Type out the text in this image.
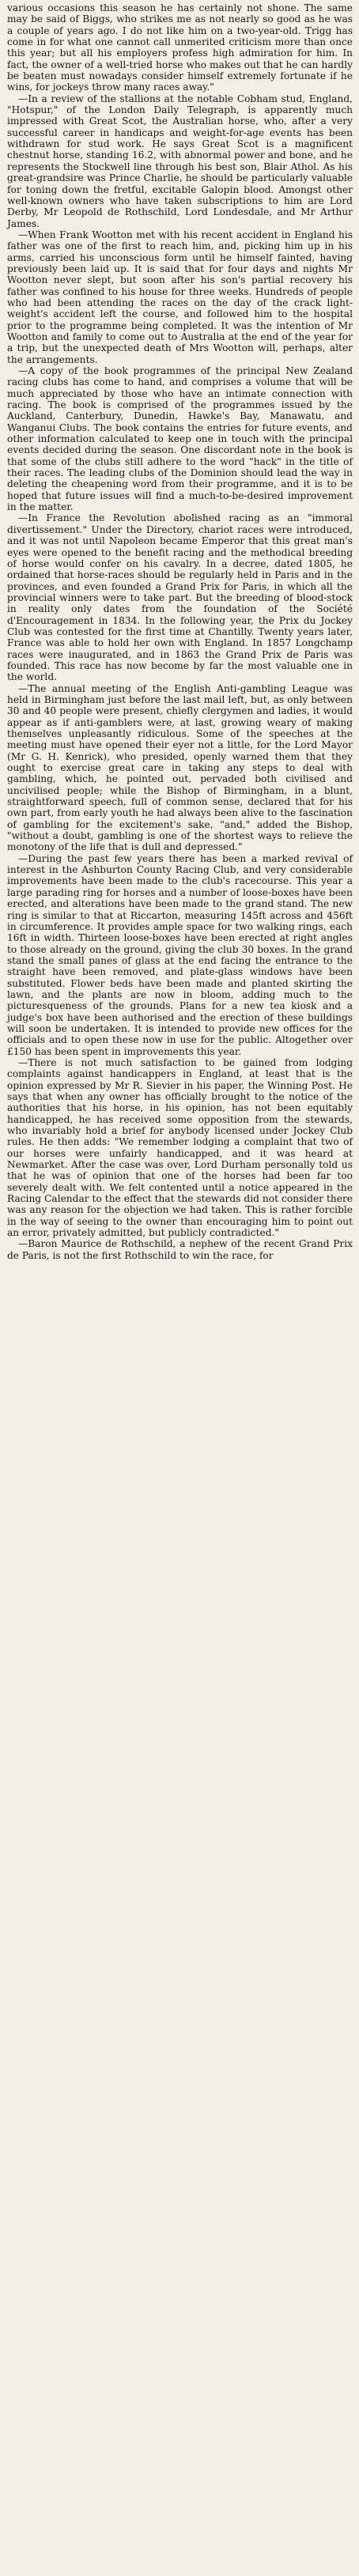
various occasions this season he has certainly not shone. The same may be said of Biggs, who strikes me as not nearly so good as he was a couple of years ago. I do not like him on a two-year-old. Trigg has come in for what one cannot call unmerited criticism more than once this year; but all his employers profess high admiration for him. In fact, the owner of a well-tried horse who makes out that he can hardly be beaten must nowadays consider himself extremely fortunate if he wins, for jockeys throw many races away."

—In a review of the stallions at the notable Cobham stud, England, "Hotspur," of the London Daily Telegraph, is apparently much impressed with Great Scot, the Australian horse, who, after a very successful career in handicaps and weight-for-age events has been withdrawn for stud work. He says Great Scot is a magnificent chestnut horse, standing 16.2, with abnormal power and bone, and he represents the Stockwell line through his best son, Blair Athol. As his great-grandsire was Prince Charlie, he should be particularly valuable for toning down the fretful, excitable Galopin blood. Amongst other well-known owners who have taken subscriptions to him are Lord Derby, Mr Leopold de Rothschild, Lord Londesdale, and Mr Arthur James.

—When Frank Wootton met with his recent accident in England his father was one of the first to reach him, and, picking him up in his arms, carried his unconscious form until he himself fainted, having previously been laid up. It is said that for four days and nights Mr Wootton never slept, but soon after his son's partial recovery his father was confined to his house for three weeks. Hundreds of people who had been attending the races on the day of the crack light-weight's accident left the course, and followed him to the hospital prior to the programme being completed. It was the intention of Mr Wootton and family to come out to Australia at the end of the year for a trip, but the unexpected death of Mrs Wootton will, perhaps, alter the arrangements.

—A copy of the book programmes of the principal New Zealand racing clubs has come to hand, and comprises a volume that will be much appreciated by those who have an intimate connection with racing. The book is comprised of the programmes issued by the Auckland, Canterbury, Dunedin, Hawke's Bay, Manawatu, and Wanganui Clubs. The book contains the entries for future events, and other information calculated to keep one in touch with the principal events decided during the season. One discordant note in the book is that some of the clubs still adhere to the word "hack" in the title of their races. The leading clubs of the Dominion should lead the way in deleting the cheapening word from their programme, and it is to be hoped that future issues will find a much-to-be-desired improvement in the matter.

—In France the Revolution abolished racing as an "immoral divertissement." Under the Directory, chariot races were introduced, and it was not until Napoleon became Emperor that this great man's eyes were opened to the benefit racing and the methodical breeding of horse would confer on his cavalry. In a decree, dated 1805, he ordained that horse-races should be regularly held in Paris and in the provinces, and even founded a Grand Prix for Paris, in which all the provincial winners were to take part. But the breeding of blood-stock in reality only dates from the foundation of the Société d'Encouragement in 1834. In the following year, the Prix du Jockey Club was contested for the first time at Chantilly. Twenty years later, France was able to hold her own with England. In 1857 Longchamp races were inaugurated, and in 1863 the Grand Prix de Paris was founded. This race has now become by far the most valuable one in the world.

—The annual meeting of the English Anti-gambling League was held in Birmingham just before the last mail left, but, as only between 30 and 40 people were present, chiefly clergymen and ladies, it would appear as if anti-gamblers were, at last, growing weary of making themselves unpleasantly ridiculous. Some of the speeches at the meeting must have opened their eyer not a little, for the Lord Mayor (Mr G. H. Kenrick), who presided, openly warned them that they ought to exercise great care in taking any steps to deal with gambling, which, he pointed out, pervaded both civilised and uncivilised people; while the Bishop of Birmingham, in a blunt, straightforward speech, full of common sense, declared that for his own part, from early youth he had always been alive to the fascination of gambling for the excitement's sake, "and," added the Bishop, "without a doubt, gambling is one of the shortest ways to relieve the monotony of the life that is dull and depressed."

—During the past few years there has been a marked revival of interest in the Ashburton County Racing Club, and very considerable improvements have been made to the club's racecourse. This year a large parading ring for horses and a number of loose-boxes have been erected, and alterations have been made to the grand stand. The new ring is similar to that at Riccarton, measuring 145ft across and 456ft in circumference. It provides ample space for two walking rings, each 16ft in width. Thirteen loose-boxes have been erected at right angles to those already on the ground, giving the club 30 boxes. In the grand stand the small panes of glass at the end facing the entrance to the straight have been removed, and plate-glass windows have been substituted. Flower beds have been made and planted skirting the lawn, and the plants are now in bloom, adding much to the picturesqueness of the grounds. Plans for a new tea kiosk and a judge's box have been authorised and the erection of these buildings will soon be undertaken. It is intended to provide new offices for the officials and to open these now in use for the public. Altogether over £150 has been spent in improvements this year.

—There is not much satisfaction to be gained from lodging complaints against handicappers in England, at least that is the opinion expressed by Mr R. Sievier in his paper, the Winning Post. He says that when any owner has officially brought to the notice of the authorities that his horse, in his opinion, has not been equitably handicapped, he has received some opposition from the stewards, who invariably hold a brief for anybody licensed under Jockey Club rules. He then adds: "We remember lodging a complaint that two of our horses were unfairly handicapped, and it was heard at Newmarket. After the case was over, Lord Durham personally told us that he was of opinion that one of the horses had been far too severely dealt with. We felt contented until a notice appeared in the Racing Calendar to the effect that the stewards did not consider there was any reason for the objection we had taken. This is rather forcible in the way of seeing to the owner than encouraging him to point out an error, privately admitted, but publicly contradicted."

—Baron Maurice de Rothschild, a nephew of the recent Grand Prix de Paris, is not the first Rothschild to win the race, for
